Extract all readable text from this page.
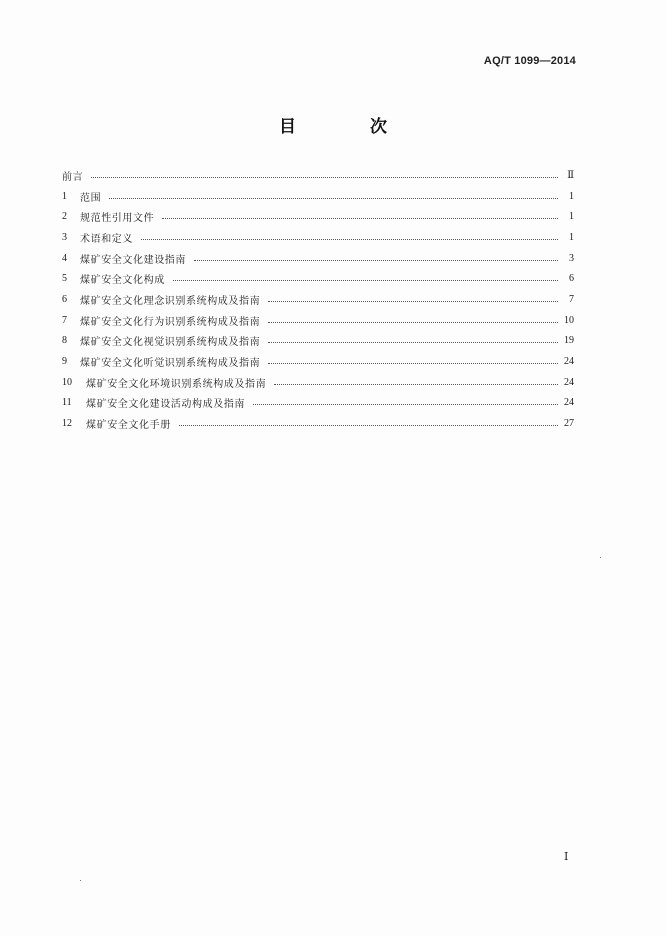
AQ/T 1099—2014
目 次
前言	Ⅱ
1	范围	1
2	规范性引用文件	1
3	术语和定义	1
4	煤矿安全文化建设指南	3
5	煤矿安全文化构成	6
6	煤矿安全文化理念识别系统构成及指南	7
7	煤矿安全文化行为识别系统构成及指南	10
8	煤矿安全文化视觉识别系统构成及指南	19
9	煤矿安全文化听觉识别系统构成及指南	24
10	煤矿安全文化环境识别系统构成及指南	24
11	煤矿安全文化建设活动构成及指南	24
12	煤矿安全文化手册	27
Ⅰ
